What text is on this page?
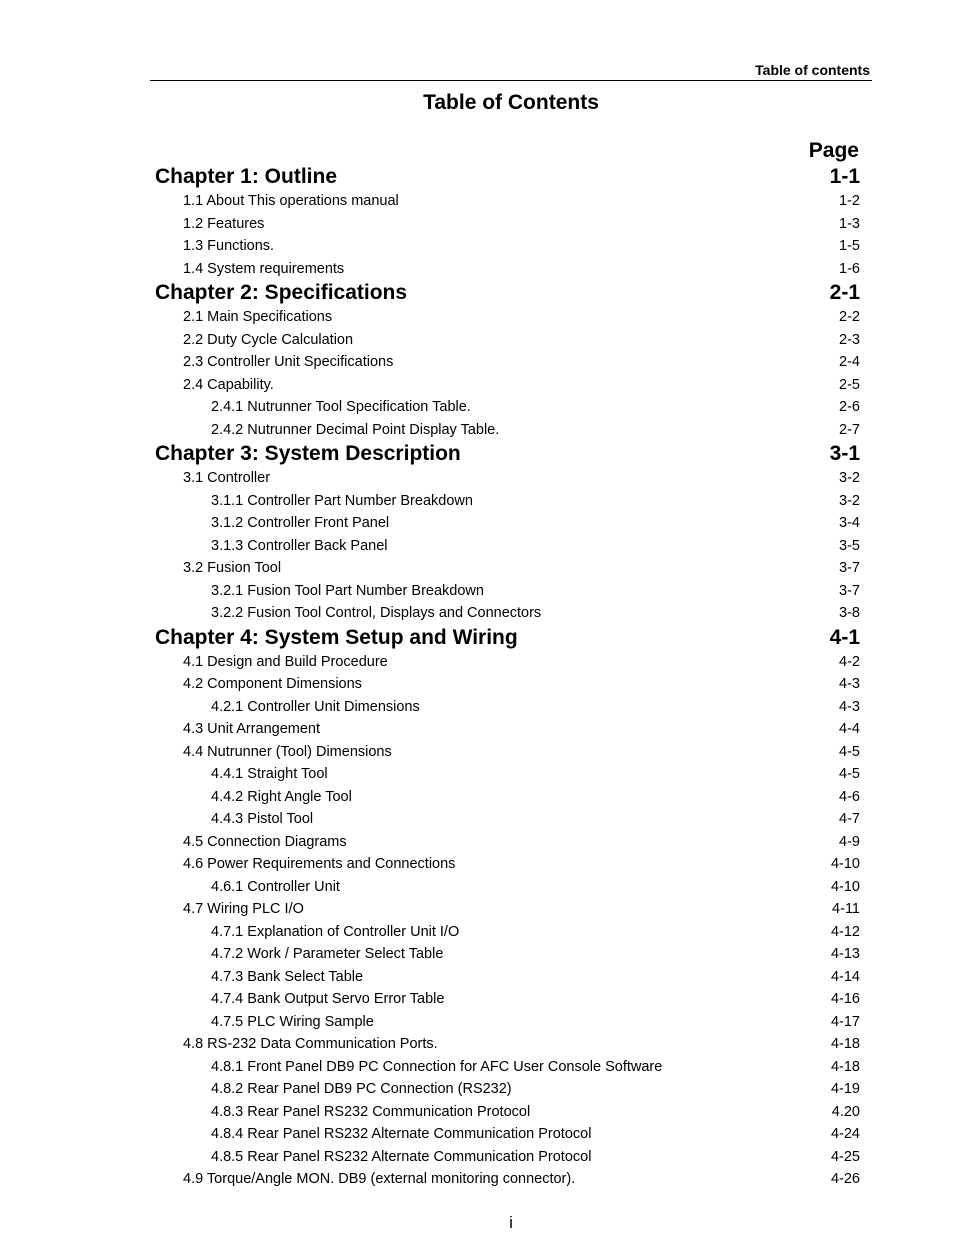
Table of contents
Table of Contents
Page
Chapter 1: Outline	1-1
1.1 About This operations manual	1-2
1.2 Features	1-3
1.3 Functions.	1-5
1.4 System requirements	1-6
Chapter 2: Specifications	2-1
2.1 Main Specifications	2-2
2.2 Duty Cycle Calculation	2-3
2.3 Controller Unit Specifications	2-4
2.4 Capability.	2-5
2.4.1 Nutrunner Tool Specification Table.	2-6
2.4.2 Nutrunner Decimal Point Display Table.	2-7
Chapter 3: System Description	3-1
3.1 Controller	3-2
3.1.1 Controller Part Number Breakdown	3-2
3.1.2 Controller Front Panel	3-4
3.1.3 Controller Back Panel	3-5
3.2 Fusion Tool	3-7
3.2.1 Fusion Tool Part Number Breakdown	3-7
3.2.2 Fusion Tool Control, Displays and Connectors	3-8
Chapter 4: System Setup and Wiring	4-1
4.1 Design and Build Procedure	4-2
4.2 Component Dimensions	4-3
4.2.1 Controller Unit Dimensions	4-3
4.3 Unit Arrangement	4-4
4.4 Nutrunner (Tool) Dimensions	4-5
4.4.1 Straight Tool	4-5
4.4.2 Right Angle Tool	4-6
4.4.3 Pistol Tool	4-7
4.5 Connection Diagrams	4-9
4.6 Power Requirements and Connections	4-10
4.6.1 Controller Unit	4-10
4.7 Wiring PLC I/O	4-11
4.7.1 Explanation of Controller Unit I/O	4-12
4.7.2 Work / Parameter Select Table	4-13
4.7.3 Bank Select Table	4-14
4.7.4 Bank Output Servo Error Table	4-16
4.7.5 PLC Wiring Sample	4-17
4.8 RS-232 Data Communication Ports.	4-18
4.8.1 Front Panel DB9 PC Connection for AFC User Console Software	4-18
4.8.2 Rear Panel DB9 PC Connection (RS232)	4-19
4.8.3 Rear Panel RS232 Communication Protocol	4.20
4.8.4 Rear Panel RS232 Alternate Communication Protocol	4-24
4.8.5 Rear Panel RS232 Alternate Communication Protocol	4-25
4.9 Torque/Angle MON. DB9 (external monitoring connector).	4-26
i
